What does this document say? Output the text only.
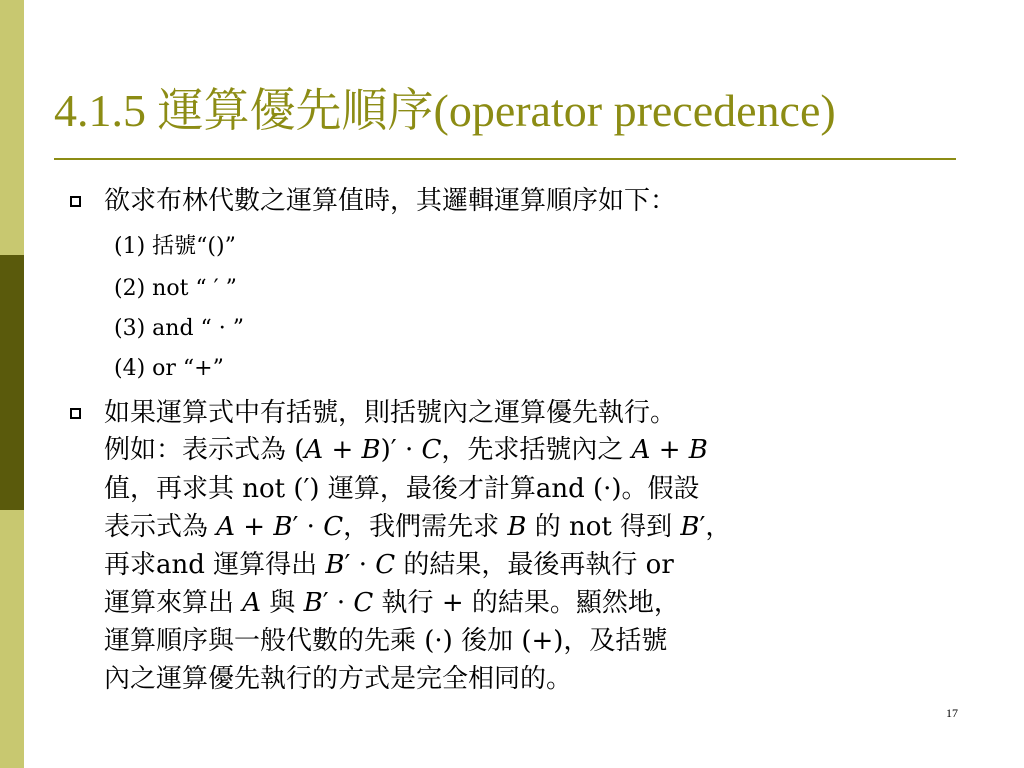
4.1.5 運算優先順序(operator precedence)
欲求布林代數之運算值時，其邏輯運算順序如下：
(1) 括號“()”
(2) not “ ′ ”
(3) and “ · ”
(4) or “+”
如果運算式中有括號，則括號內之運算優先執行。
例如：表示式為 (A + B)′ · C，先求括號內之 A + B
值，再求其 not (′) 運算，最後才計算and (·)。假設
表示式為 A + B′ · C，我們需先求 B 的 not 得到 B′，
再求and 運算得出 B′ · C 的結果，最後再執行 or
運算來算出 A 與 B′ · C 執行 + 的結果。顯然地，
運算順序與一般代數的先乘 (·) 後加 (+)，及括號
內之運算優先執行的方式是完全相同的。
17
